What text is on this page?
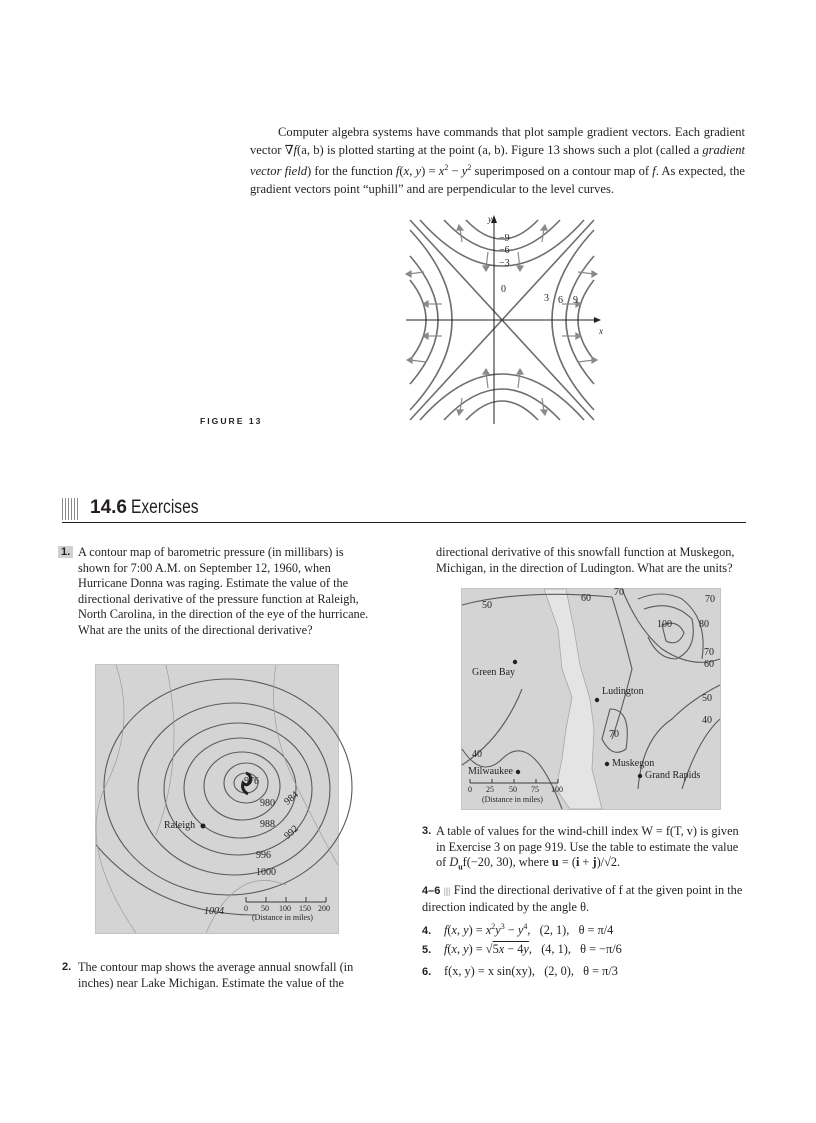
Computer algebra systems have commands that plot sample gradient vectors. Each gradient vector ∇f(a, b) is plotted starting at the point (a, b). Figure 13 shows such a plot (called a gradient vector field) for the function f(x, $y) = x^2 - y^2$ superimposed on a contour map of f. As expected, the gradient vectors point “uphill” and are perpendicular to the level curves.

y
x
−9
−6
−3
0
3 6 9
FIGURE 13
14.6 Exercises
1. A contour map of barometric pressure (in millibars) is shown for 7:00 A.M. on September 12, 1960, when Hurricane Donna was raging. Estimate the value of the directional derivative of the pressure function at Raleigh, North Carolina, in the direction of the eye of the hurricane. What are the units of the directional derivative?

976
980 984
988 992
996
1000
1004
Raleigh
0 50 100 150 200
(Distance in miles)
2. The contour map shows the average annual snowfall (in inches) near Lake Michigan. Estimate the value of the

directional derivative of this snowfall function at Muskegon, Michigan, in the direction of Ludington. What are the units?

50
60
70
70
100	80
70
60
50
40
70
40
Green Bay
Ludington
Muskegon
Milwaukee	Grand Rapids
0 25 50 75 100
(Distance in miles)
3. A table of values for the wind-chill index W = f(T, v) is given in Exercise 3 on page 919. Use the table to estimate the value of $D_uf(-20$, 30), where u = (i + j)/√2.

4–6 |||| Find the directional derivative of f at the given point in the direction indicated by the angle θ.

4. f(x, $y) = x^2y^3 - y^4$,   (2, 1), θ = π/4
5. f(x, y) = √5x − 4y,   (4, 1), θ = −π/6
6. f(x, y) = x sin(xy), (2, 0), θ = π/3
